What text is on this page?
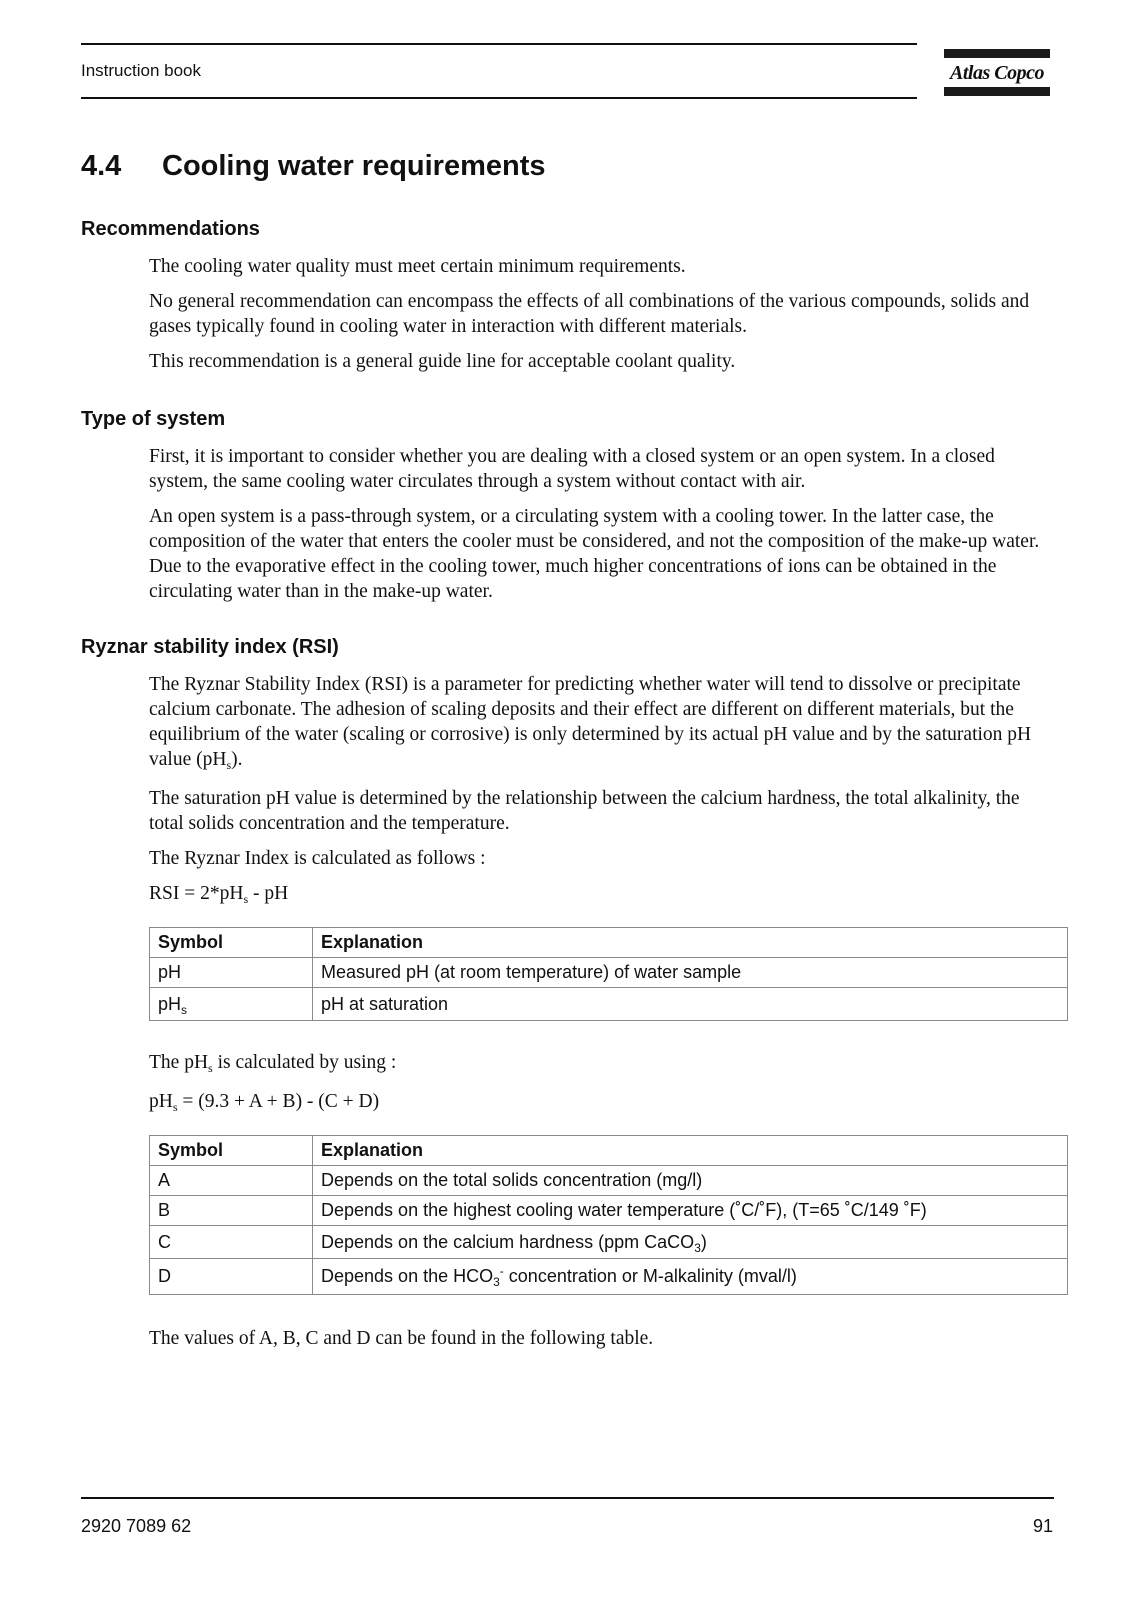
Instruction book	Atlas Copco
4.4 Cooling water requirements
Recommendations

The cooling water quality must meet certain minimum requirements.

No general recommendation can encompass the effects of all combinations of the various compounds, solids and gases typically found in cooling water in interaction with different materials.

This recommendation is a general guide line for acceptable coolant quality.

Type of system

First, it is important to consider whether you are dealing with a closed system or an open system. In a closed system, the same cooling water circulates through a system without contact with air.

An open system is a pass-through system, or a circulating system with a cooling tower. In the latter case, the composition of the water that enters the cooler must be considered, and not the composition of the make-up water. Due to the evaporative effect in the cooling tower, much higher concentrations of ions can be obtained in the circulating water than in the make-up water.

Ryznar stability index (RSI)

The Ryznar Stability Index (RSI) is a parameter for predicting whether water will tend to dissolve or precipitate calcium carbonate. The adhesion of scaling deposits and their effect are different on different materials, but the equilibrium of the water (scaling or corrosive) is only determined by its actual pH value and by the saturation pH value $(pH_s)$.

The saturation pH value is determined by the relationship between the calcium hardness, the total alkalinity, the total solids concentration and the temperature.

The Ryznar Index is calculated as follows :

RSI = $2*pH_s$ - pH

Symbol	Explanation
pH	Measured pH (at room temperature) of water sample
$pH_s$	pH at saturation

The $pH_s$ is calculated by using :

$pH_s = (9.3 + A + B) - (C + D)$

Symbol	Explanation
A	Depends on the total solids concentration (mg/l)
B	Depends on the highest cooling water temperature (˚C/˚F), (T=65 ˚C/149 ˚F)
C	Depends on the calcium hardness (ppm CaCO$_3$)
D	Depends on the $HCO_3^-$ concentration or M-alkalinity (mval/l)
The values of A, B, C and D can be found in the following table.
2920 7089 62	91
